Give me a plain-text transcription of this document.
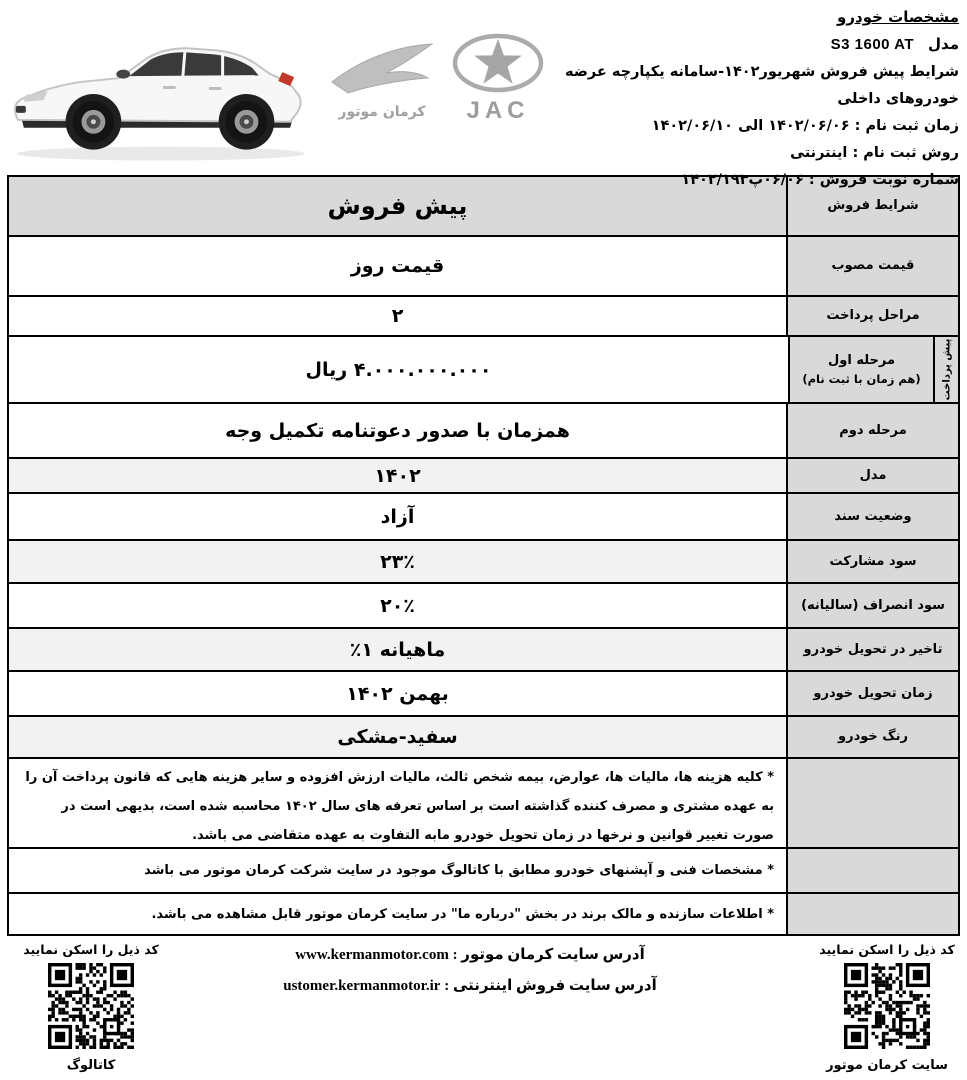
کرمان موتور JAC
مشخصات خودرو
مدلS3 1600 AT
شرایط پیش فروش شهریور۱۴۰۲-سامانه یکپارچه عرضه خودروهای داخلی
زمان ثبت نام : ۱۴۰۲/۰۶/۰۶ الی ۱۴۰۲/۰۶/۱۰
روش ثبت نام : اینترنتی
شماره نوبت فروش : ۰۶/۰۶پ۱۴۰۲/۱۹۳
شرایط فروش
پیش فروش
قیمت مصوب
قیمت روز
مراحل پرداخت
۲
پیش پرداخت
مرحله اول
(هم زمان با ثبت نام)
۴.۰۰۰.۰۰۰.۰۰۰ ریال
مرحله دوم
همزمان با صدور دعوتنامه تکمیل وجه
مدل
۱۴۰۲
وضعیت سند
آزاد
سود مشارکت
۲۳٪
سود انصراف (سالیانه)
۲۰٪
تاخیر در تحویل خودرو
٪۱ ماهیانه
زمان تحویل خودرو
بهمن ۱۴۰۲
رنگ خودرو
سفید-مشکی
* کلیه هزینه ها، مالیات ها، عوارض، بیمه شخص ثالث، مالیات ارزش افزوده و سایر هزینه هایی که قانون پرداخت آن را به عهده مشتری و مصرف کننده گذاشته است بر اساس تعرفه های سال ۱۴۰۲ محاسبه شده است، بدیهی است در صورت تغییر قوانین و نرخها در زمان تحویل خودرو مابه التفاوت به عهده متقاضی می باشد.
* مشخصات فنی و آپشنهای خودرو مطابق با کاتالوگ موجود در سایت شرکت کرمان موتور می باشد
* اطلاعات سازنده و مالک برند در بخش "درباره ما" در سایت کرمان موتور قابل مشاهده می باشد.
کد ذیل را اسکن نمایید
کاتالوگ
آدرس سایت کرمان موتور : www.kermanmotor.com
آدرس سایت فروش اینترنتی : ustomer.kermanmotor.ir
کد ذیل را اسکن نمایید
سایت کرمان موتور
